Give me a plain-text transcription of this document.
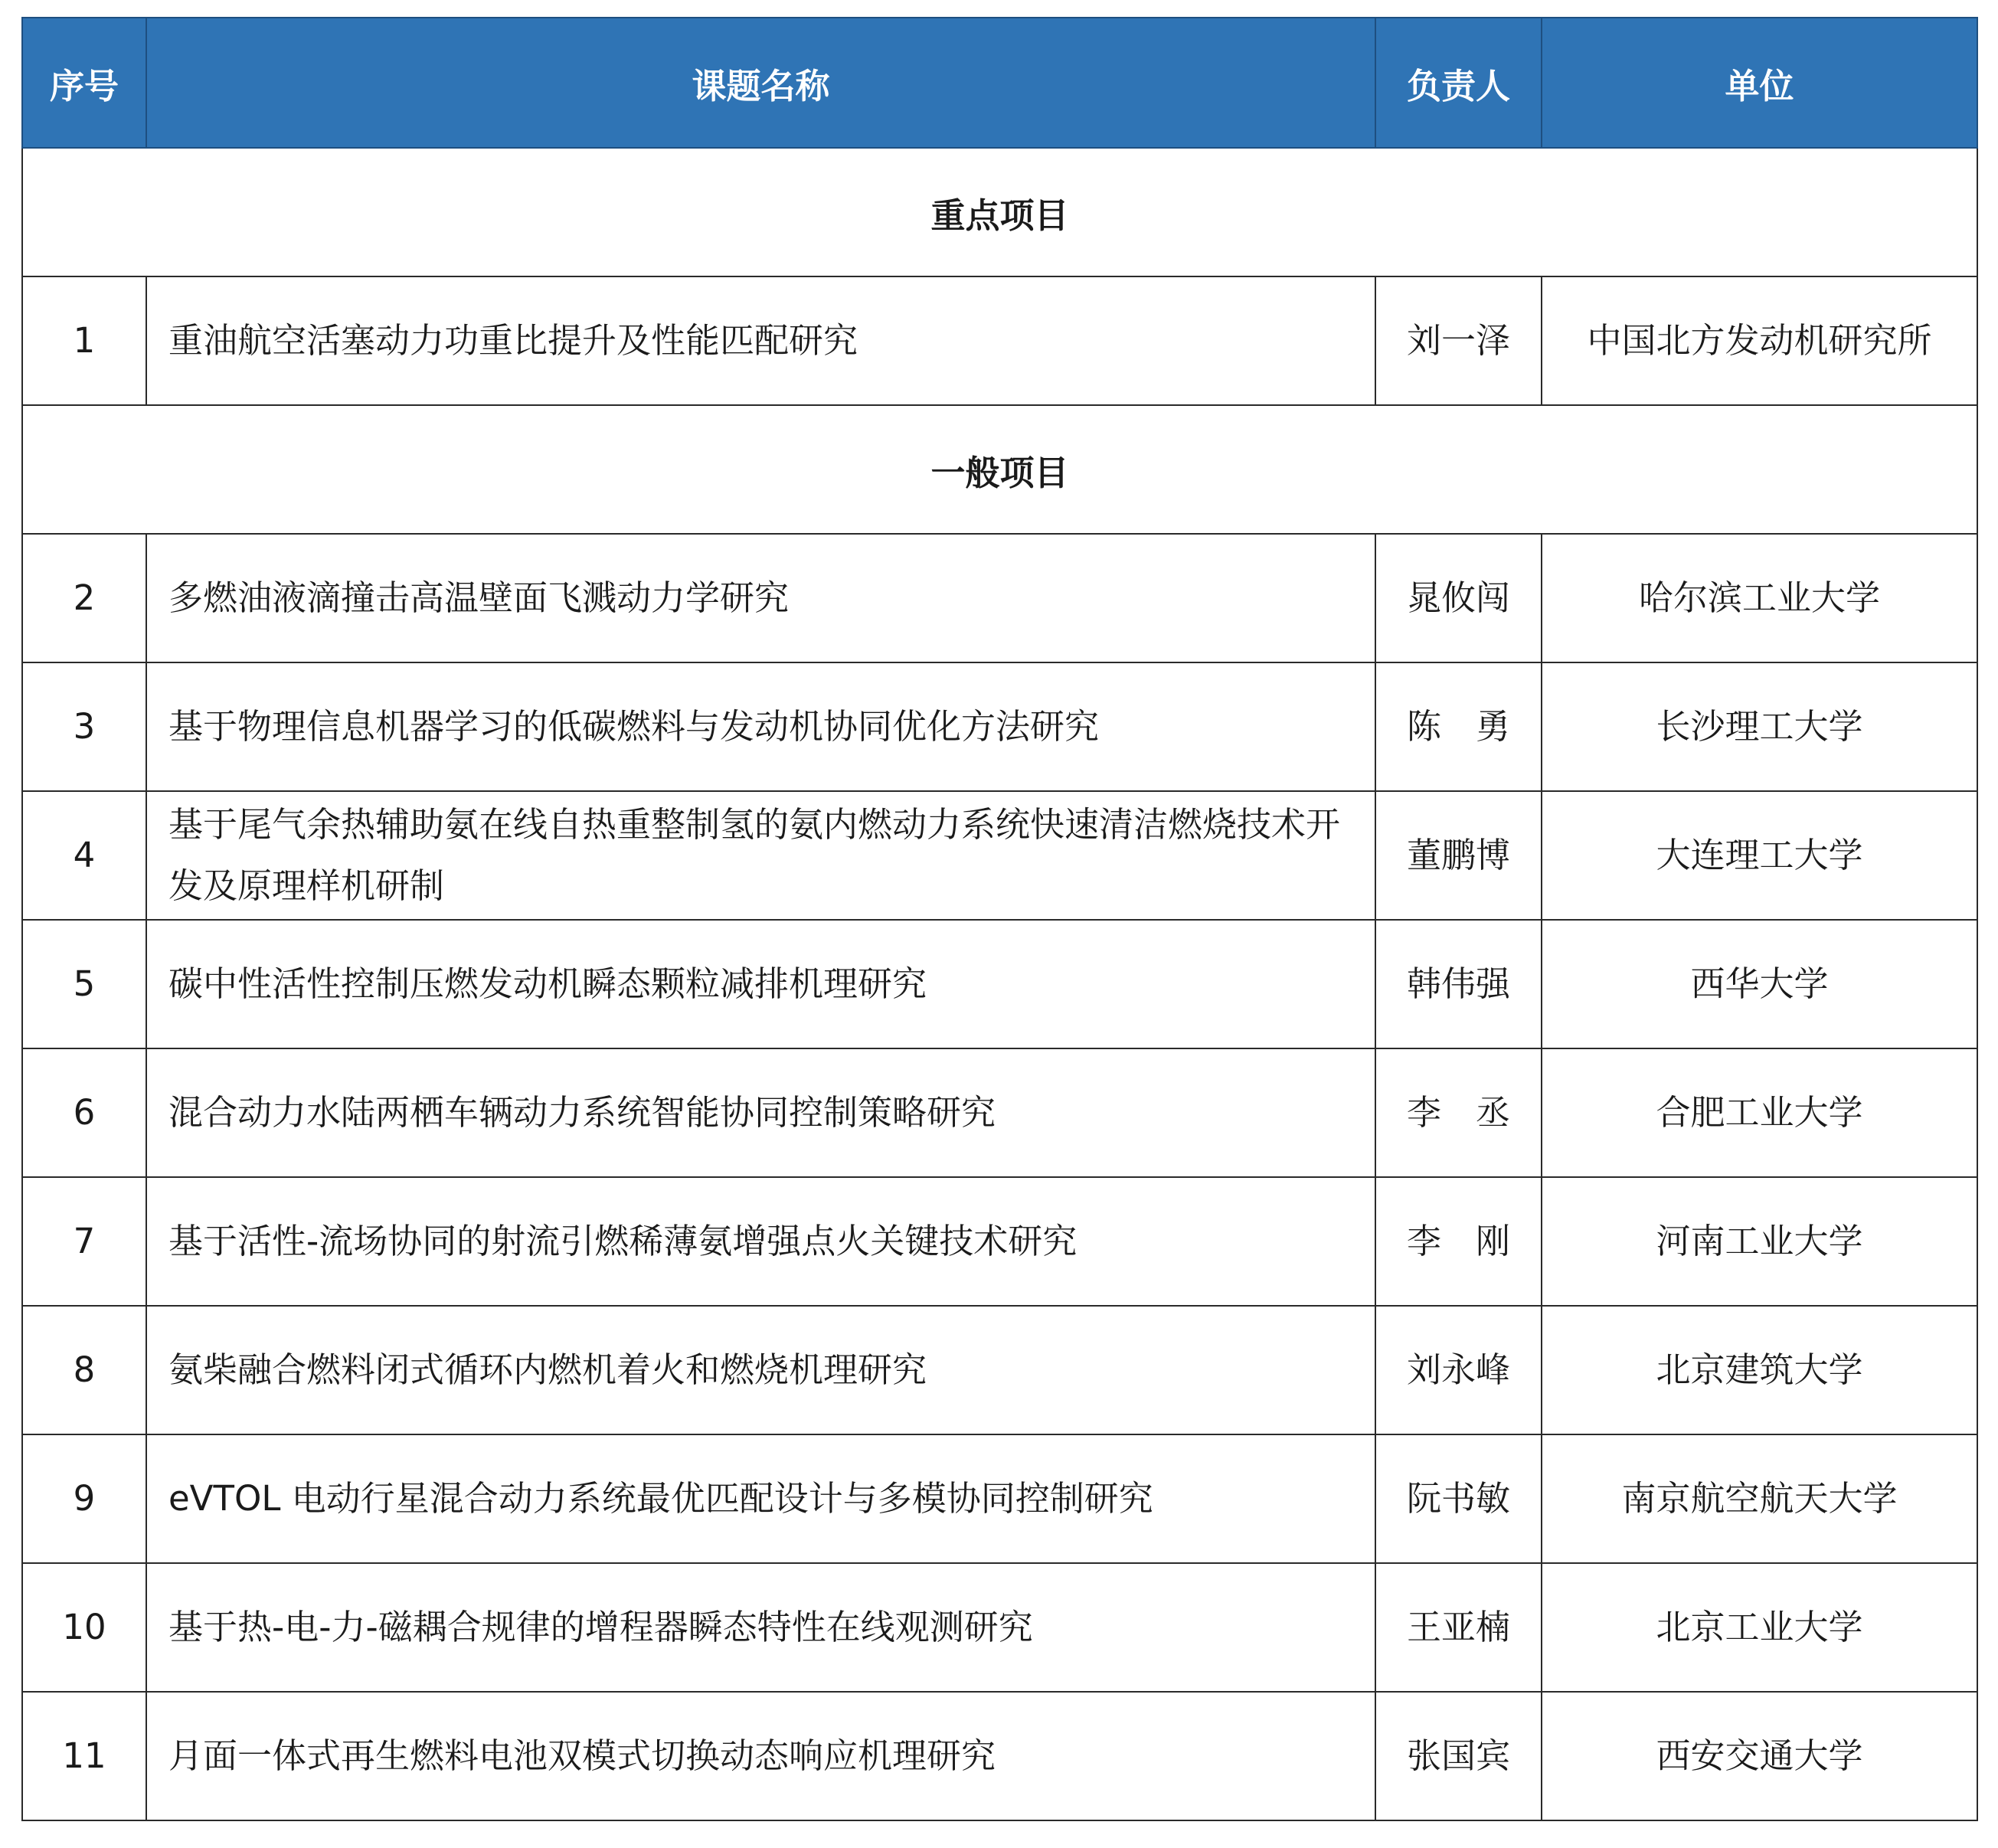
序号	课题名称	负责人	单位
重点项目			
1	重油航空活塞动力功重比提升及性能匹配研究	刘一泽	中国北方发动机研究所
一般项目			
2	多燃油液滴撞击高温壁面飞溅动力学研究	晁攸闯	哈尔滨工业大学
3	基于物理信息机器学习的低碳燃料与发动机协同优化方法研究	陈　勇	长沙理工大学
4	基于尾气余热辅助氨在线自热重整制氢的氨内燃动力系统快速清洁燃烧技术开发及原理样机研制	董鹏博	大连理工大学
5	碳中性活性控制压燃发动机瞬态颗粒减排机理研究	韩伟强	西华大学
6	混合动力水陆两栖车辆动力系统智能协同控制策略研究	李　丞	合肥工业大学
7	基于活性-流场协同的射流引燃稀薄氨增强点火关键技术研究	李　刚	河南工业大学
8	氨柴融合燃料闭式循环内燃机着火和燃烧机理研究	刘永峰	北京建筑大学
9	eVTOL 电动行星混合动力系统最优匹配设计与多模协同控制研究	阮书敏	南京航空航天大学
10	基于热-电-力-磁耦合规律的增程器瞬态特性在线观测研究	王亚楠	北京工业大学
11	月面一体式再生燃料电池双模式切换动态响应机理研究	张国宾	西安交通大学
